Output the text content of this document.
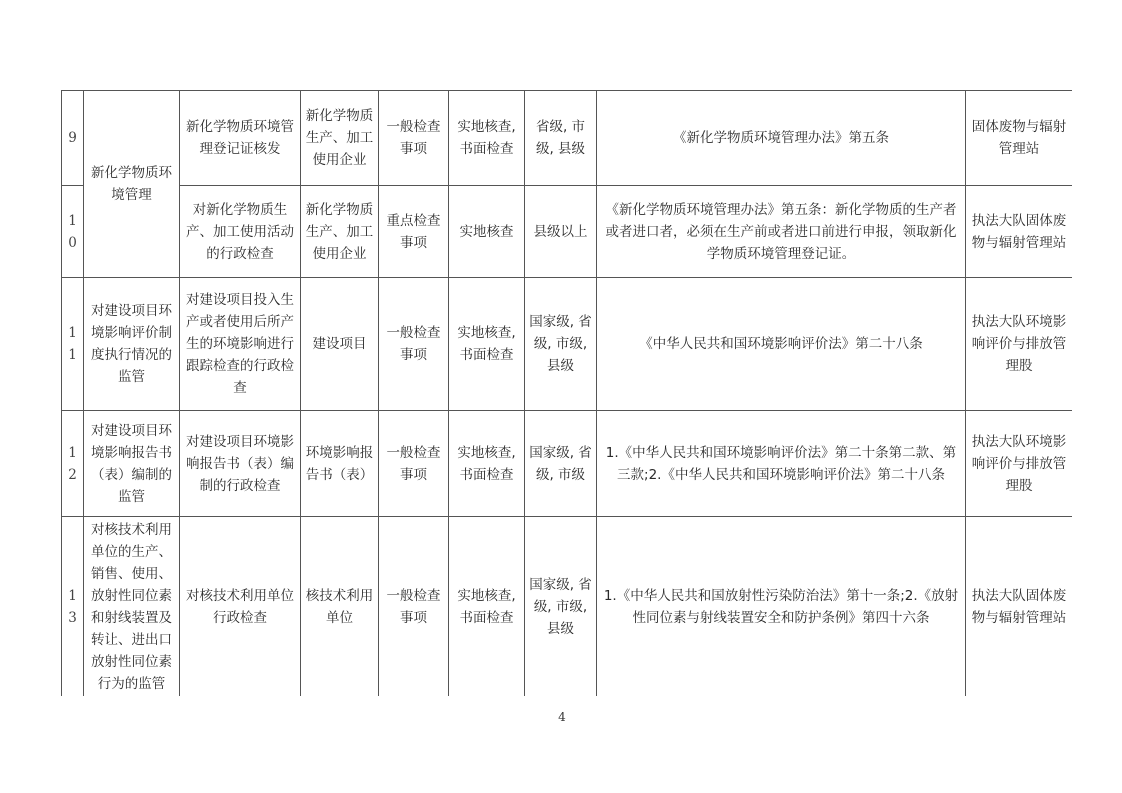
9	新化学物质环境管理	新化学物质环境管理登记证核发	新化学物质生产、加工使用企业	一般检查事项	实地核查,书面检查	省级, 市级, 县级	《新化学物质环境管理办法》第五条	固体废物与辐射管理站
10		对新化学物质生产、加工使用活动的行政检查	新化学物质生产、加工使用企业	重点检查事项	实地核查	县级以上	《新化学物质环境管理办法》第五条：新化学物质的生产者或者进口者，必须在生产前或者进口前进行申报，领取新化学物质环境管理登记证。	执法大队固体废物与辐射管理站
11	对建设项目环境影响评价制度执行情况的监管	对建设项目投入生产或者使用后所产生的环境影响进行跟踪检查的行政检查	建设项目	一般检查事项	实地核查,书面检查	国家级, 省级, 市级, 县级	《中华人民共和国环境影响评价法》第二十八条	执法大队环境影响评价与排放管理股
12	对建设项目环境影响报告书（表）编制的监管	对建设项目环境影响报告书（表）编制的行政检查	环境影响报告书（表）	一般检查事项	实地核查,书面检查	国家级, 省级, 市级	1.《中华人民共和国环境影响评价法》第二十条第二款、第三款;2.《中华人民共和国环境影响评价法》第二十八条	执法大队环境影响评价与排放管理股
13	对核技术利用单位的生产、销售、使用、放射性同位素和射线装置及转让、进出口放射性同位素行为的监管	对核技术利用单位行政检查	核技术利用单位	一般检查事项	实地核查,书面检查	国家级, 省级, 市级, 县级	1.《中华人民共和国放射性污染防治法》第十一条;2.《放射性同位素与射线装置安全和防护条例》第四十六条	执法大队固体废物与辐射管理站
4
